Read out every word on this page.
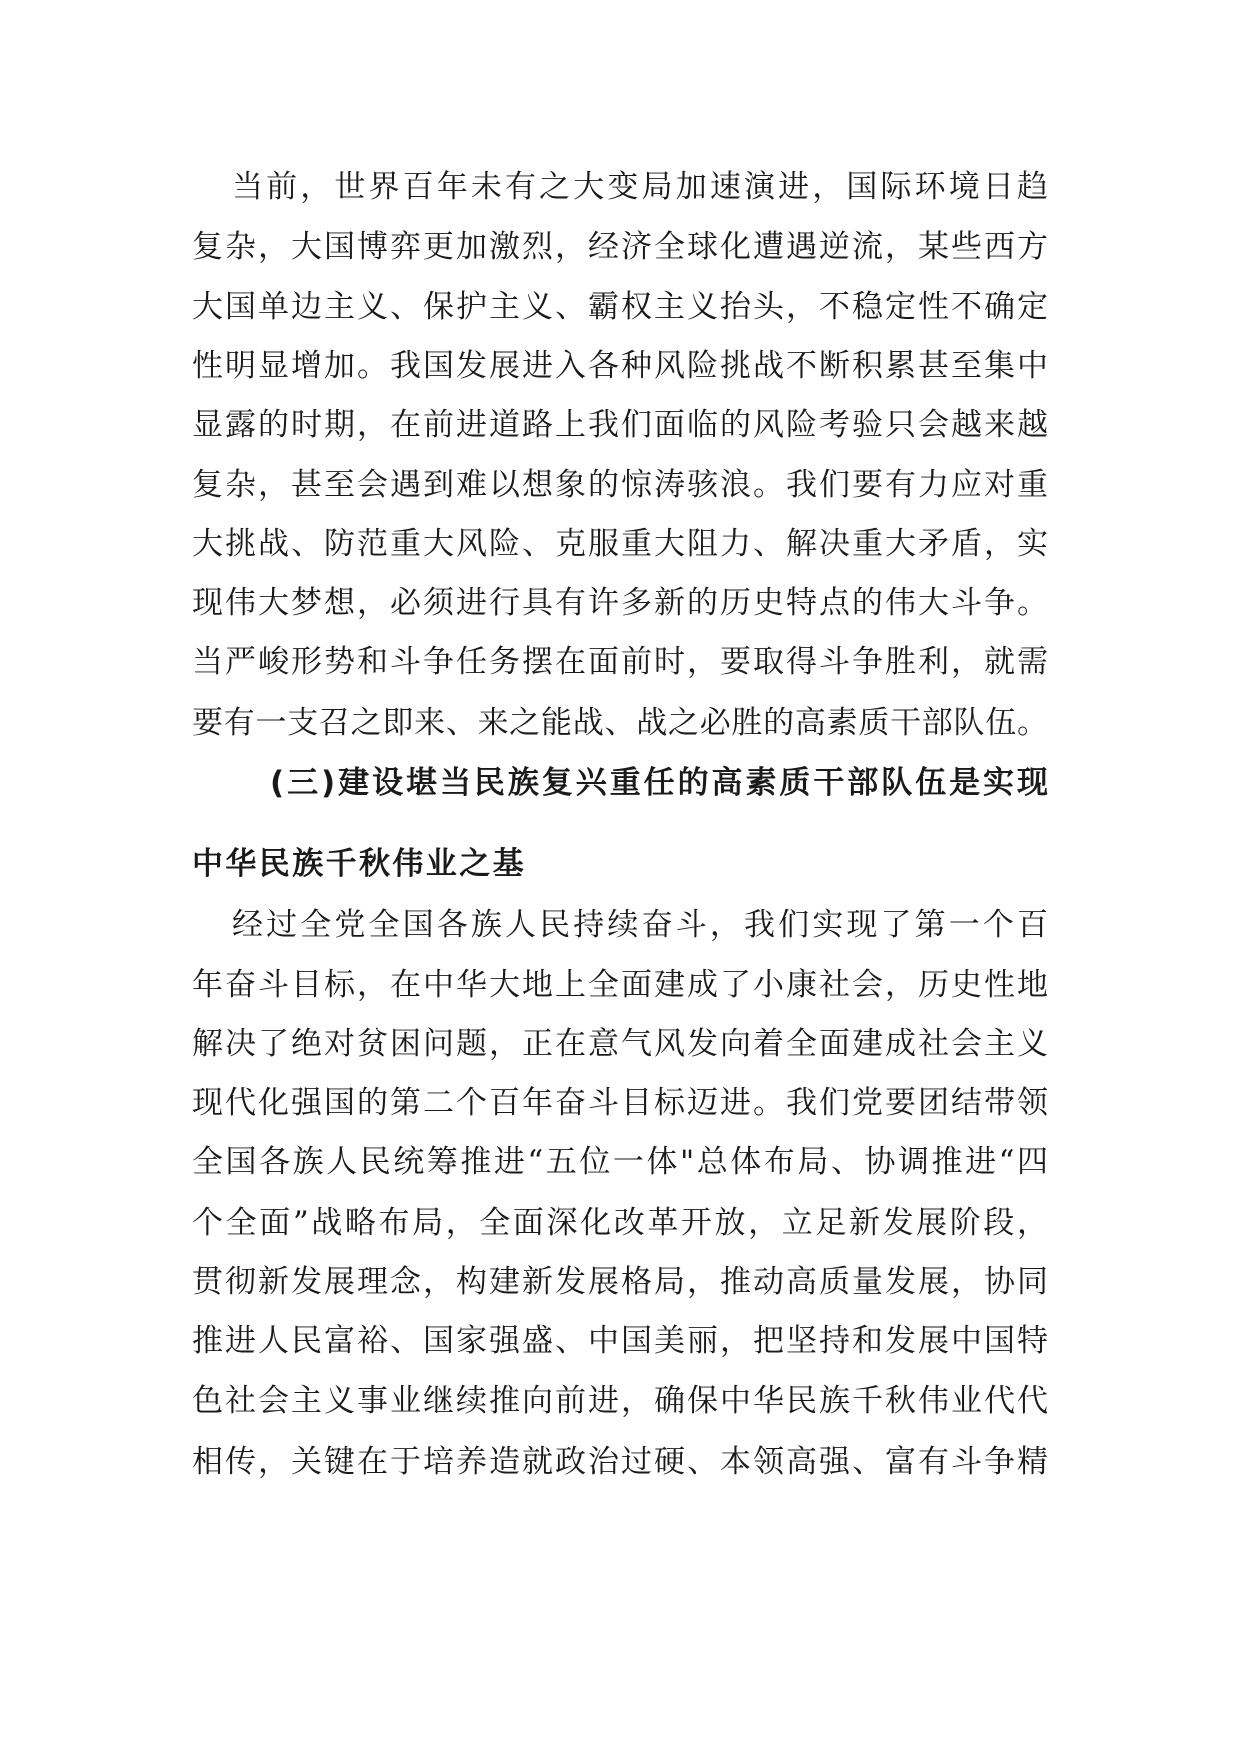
当前，世界百年未有之大变局加速演进，国际环境日趋
复杂，大国博弈更加激烈，经济全球化遭遇逆流，某些西方
大国单边主义、保护主义、霸权主义抬头，不稳定性不确定
性明显增加。我国发展进入各种风险挑战不断积累甚至集中
显露的时期，在前进道路上我们面临的风险考验只会越来越
复杂，甚至会遇到难以想象的惊涛骇浪。我们要有力应对重
大挑战、防范重大风险、克服重大阻力、解决重大矛盾，实
现伟大梦想，必须进行具有许多新的历史特点的伟大斗争。
当严峻形势和斗争任务摆在面前时，要取得斗争胜利，就需
要有一支召之即来、来之能战、战之必胜的高素质干部队伍。
(三)建设堪当民族复兴重任的高素质干部队伍是实现
中华民族千秋伟业之基
经过全党全国各族人民持续奋斗，我们实现了第一个百
年奋斗目标，在中华大地上全面建成了小康社会，历史性地
解决了绝对贫困问题，正在意气风发向着全面建成社会主义
现代化强国的第二个百年奋斗目标迈进。我们党要团结带领
全国各族人民统筹推进“五位一体"总体布局、协调推进“四
个全面”战略布局，全面深化改革开放，立足新发展阶段，
贯彻新发展理念，构建新发展格局，推动高质量发展，协同
推进人民富裕、国家强盛、中国美丽，把坚持和发展中国特
色社会主义事业继续推向前进，确保中华民族千秋伟业代代
相传，关键在于培养造就政治过硬、本领高强、富有斗争精
